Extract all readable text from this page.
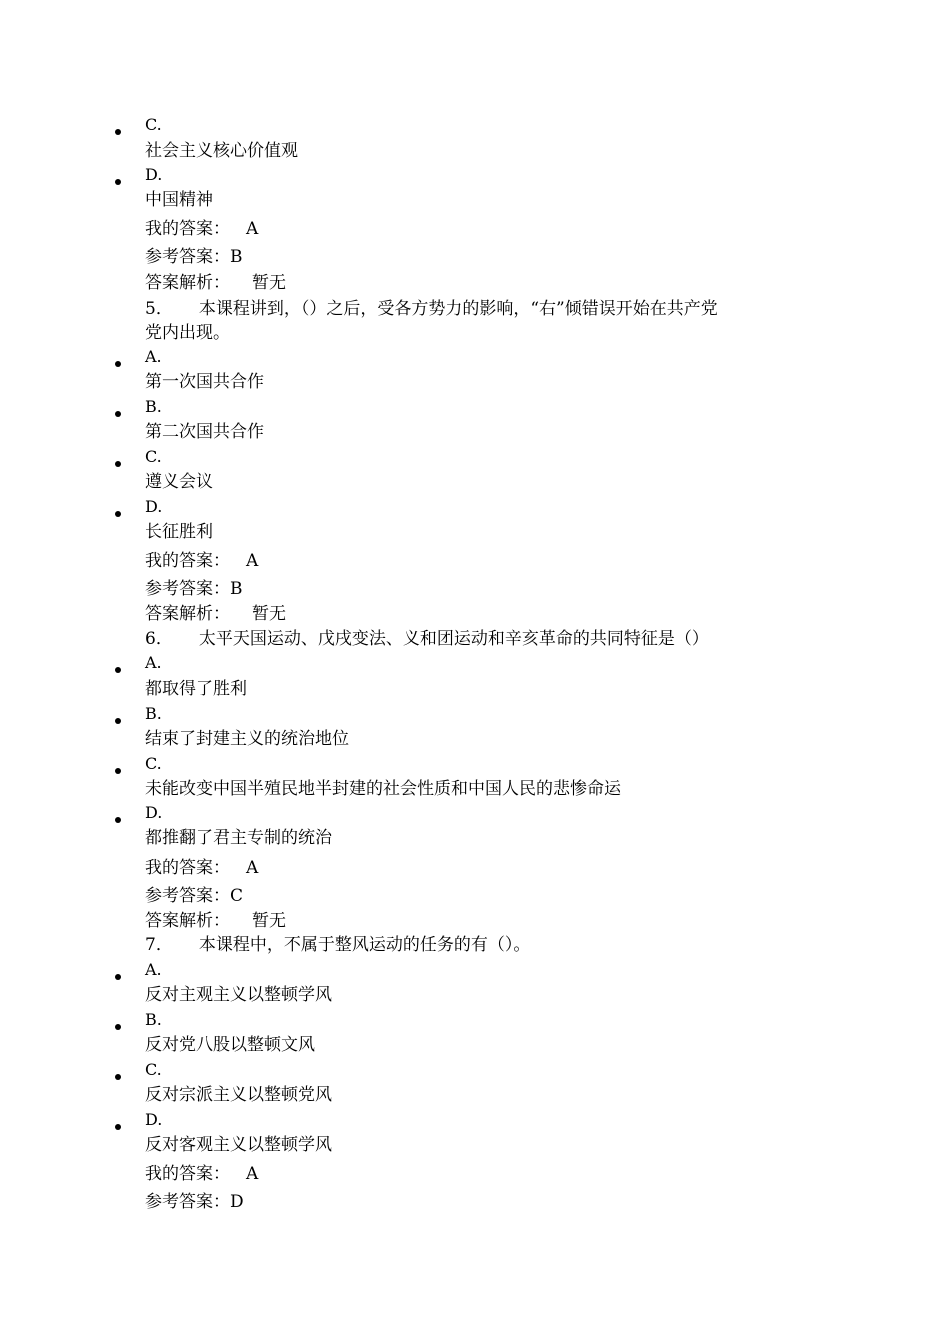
C.
社会主义核心价值观
D.
中国精神
我的答案： A
参考答案：B
答案解析： 暂无
5． 本课程讲到，（）之后，受各方势力的影响，“右”倾错误开始在共产党
党内出现。
A.
第一次国共合作
B.
第二次国共合作
C.
遵义会议
D.
长征胜利
我的答案： A
参考答案：B
答案解析： 暂无
6． 太平天国运动、戊戌变法、义和团运动和辛亥革命的共同特征是（）
A.
都取得了胜利
B.
结束了封建主义的统治地位
C.
未能改变中国半殖民地半封建的社会性质和中国人民的悲惨命运
D.
都推翻了君主专制的统治
我的答案： A
参考答案：C
答案解析： 暂无
7． 本课程中，不属于整风运动的任务的有（）。
A.
反对主观主义以整顿学风
B.
反对党八股以整顿文风
C.
反对宗派主义以整顿党风
D.
反对客观主义以整顿学风
我的答案： A
参考答案：D
